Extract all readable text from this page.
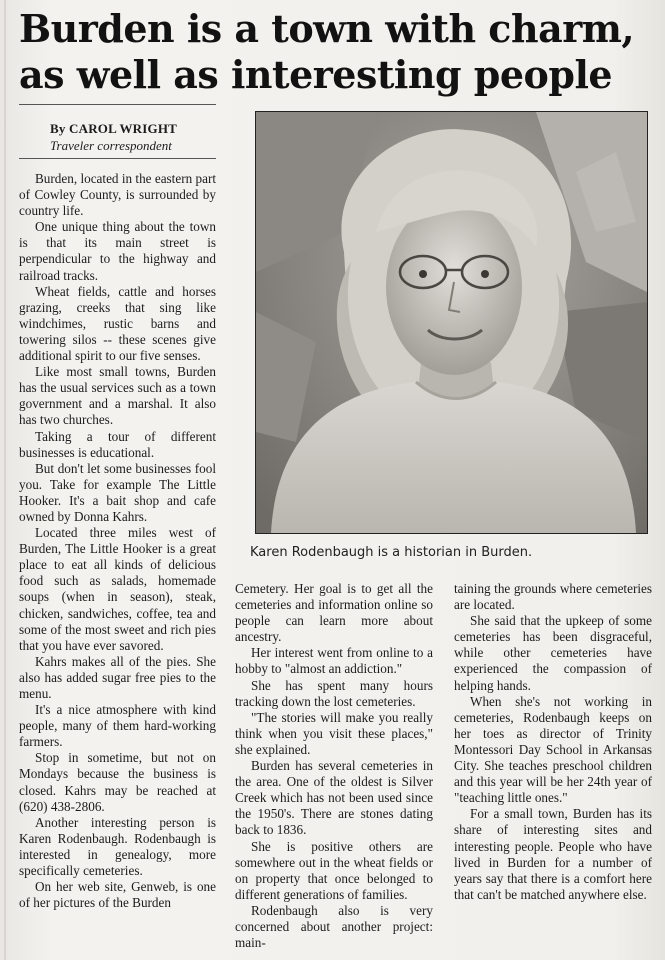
Burden is a town with charm,
as well as interesting people
By CAROL WRIGHT
Traveler correspondent
Karen Rodenbaugh is a historian in Burden.

Burden, located in the eastern part of Cowley County, is surrounded by country life.

One unique thing about the town is that its main street is perpendicular to the highway and railroad tracks.

Wheat fields, cattle and horses grazing, creeks that sing like windchimes, rustic barns and towering silos -- these scenes give additional spirit to our five senses.

Like most small towns, Burden has the usual services such as a town government and a marshal. It also has two churches.

Taking a tour of different businesses is educational.

But don't let some businesses fool you. Take for example The Little Hooker. It's a bait shop and cafe owned by Donna Kahrs.

Located three miles west of Burden, The Little Hooker is a great place to eat all kinds of delicious food such as salads, homemade soups (when in season), steak, chicken, sandwiches, coffee, tea and some of the most sweet and rich pies that you have ever savored.

Kahrs makes all of the pies. She also has added sugar free pies to the menu.

It's a nice atmosphere with kind people, many of them hard-working farmers.

Stop in sometime, but not on Mondays because the business is closed. Kahrs may be reached at (620) 438-2806.

Another interesting person is Karen Rodenbaugh. Rodenbaugh is interested in genealogy, more specifically cemeteries.

On her web site, Genweb, is one of her pictures of the Burden

Cemetery. Her goal is to get all the cemeteries and information online so people can learn more about ancestry.

Her interest went from online to a hobby to "almost an addiction."

She has spent many hours tracking down the lost cemeteries.

"The stories will make you really think when you visit these places," she explained.

Burden has several cemeteries in the area. One of the oldest is Silver Creek which has not been used since the 1950's. There are stones dating back to 1836.

She is positive others are somewhere out in the wheat fields or on property that once belonged to different generations of families.

Rodenbaugh also is very concerned about another project: main-

taining the grounds where cemeteries are located.

She said that the upkeep of some cemeteries has been disgraceful, while other cemeteries have experienced the compassion of helping hands.

When she's not working in cemeteries, Rodenbaugh keeps on her toes as director of Trinity Montessori Day School in Arkansas City. She teaches preschool children and this year will be her 24th year of "teaching little ones."

For a small town, Burden has its share of interesting sites and interesting people. People who have lived in Burden for a number of years say that there is a comfort here that can't be matched anywhere else.
